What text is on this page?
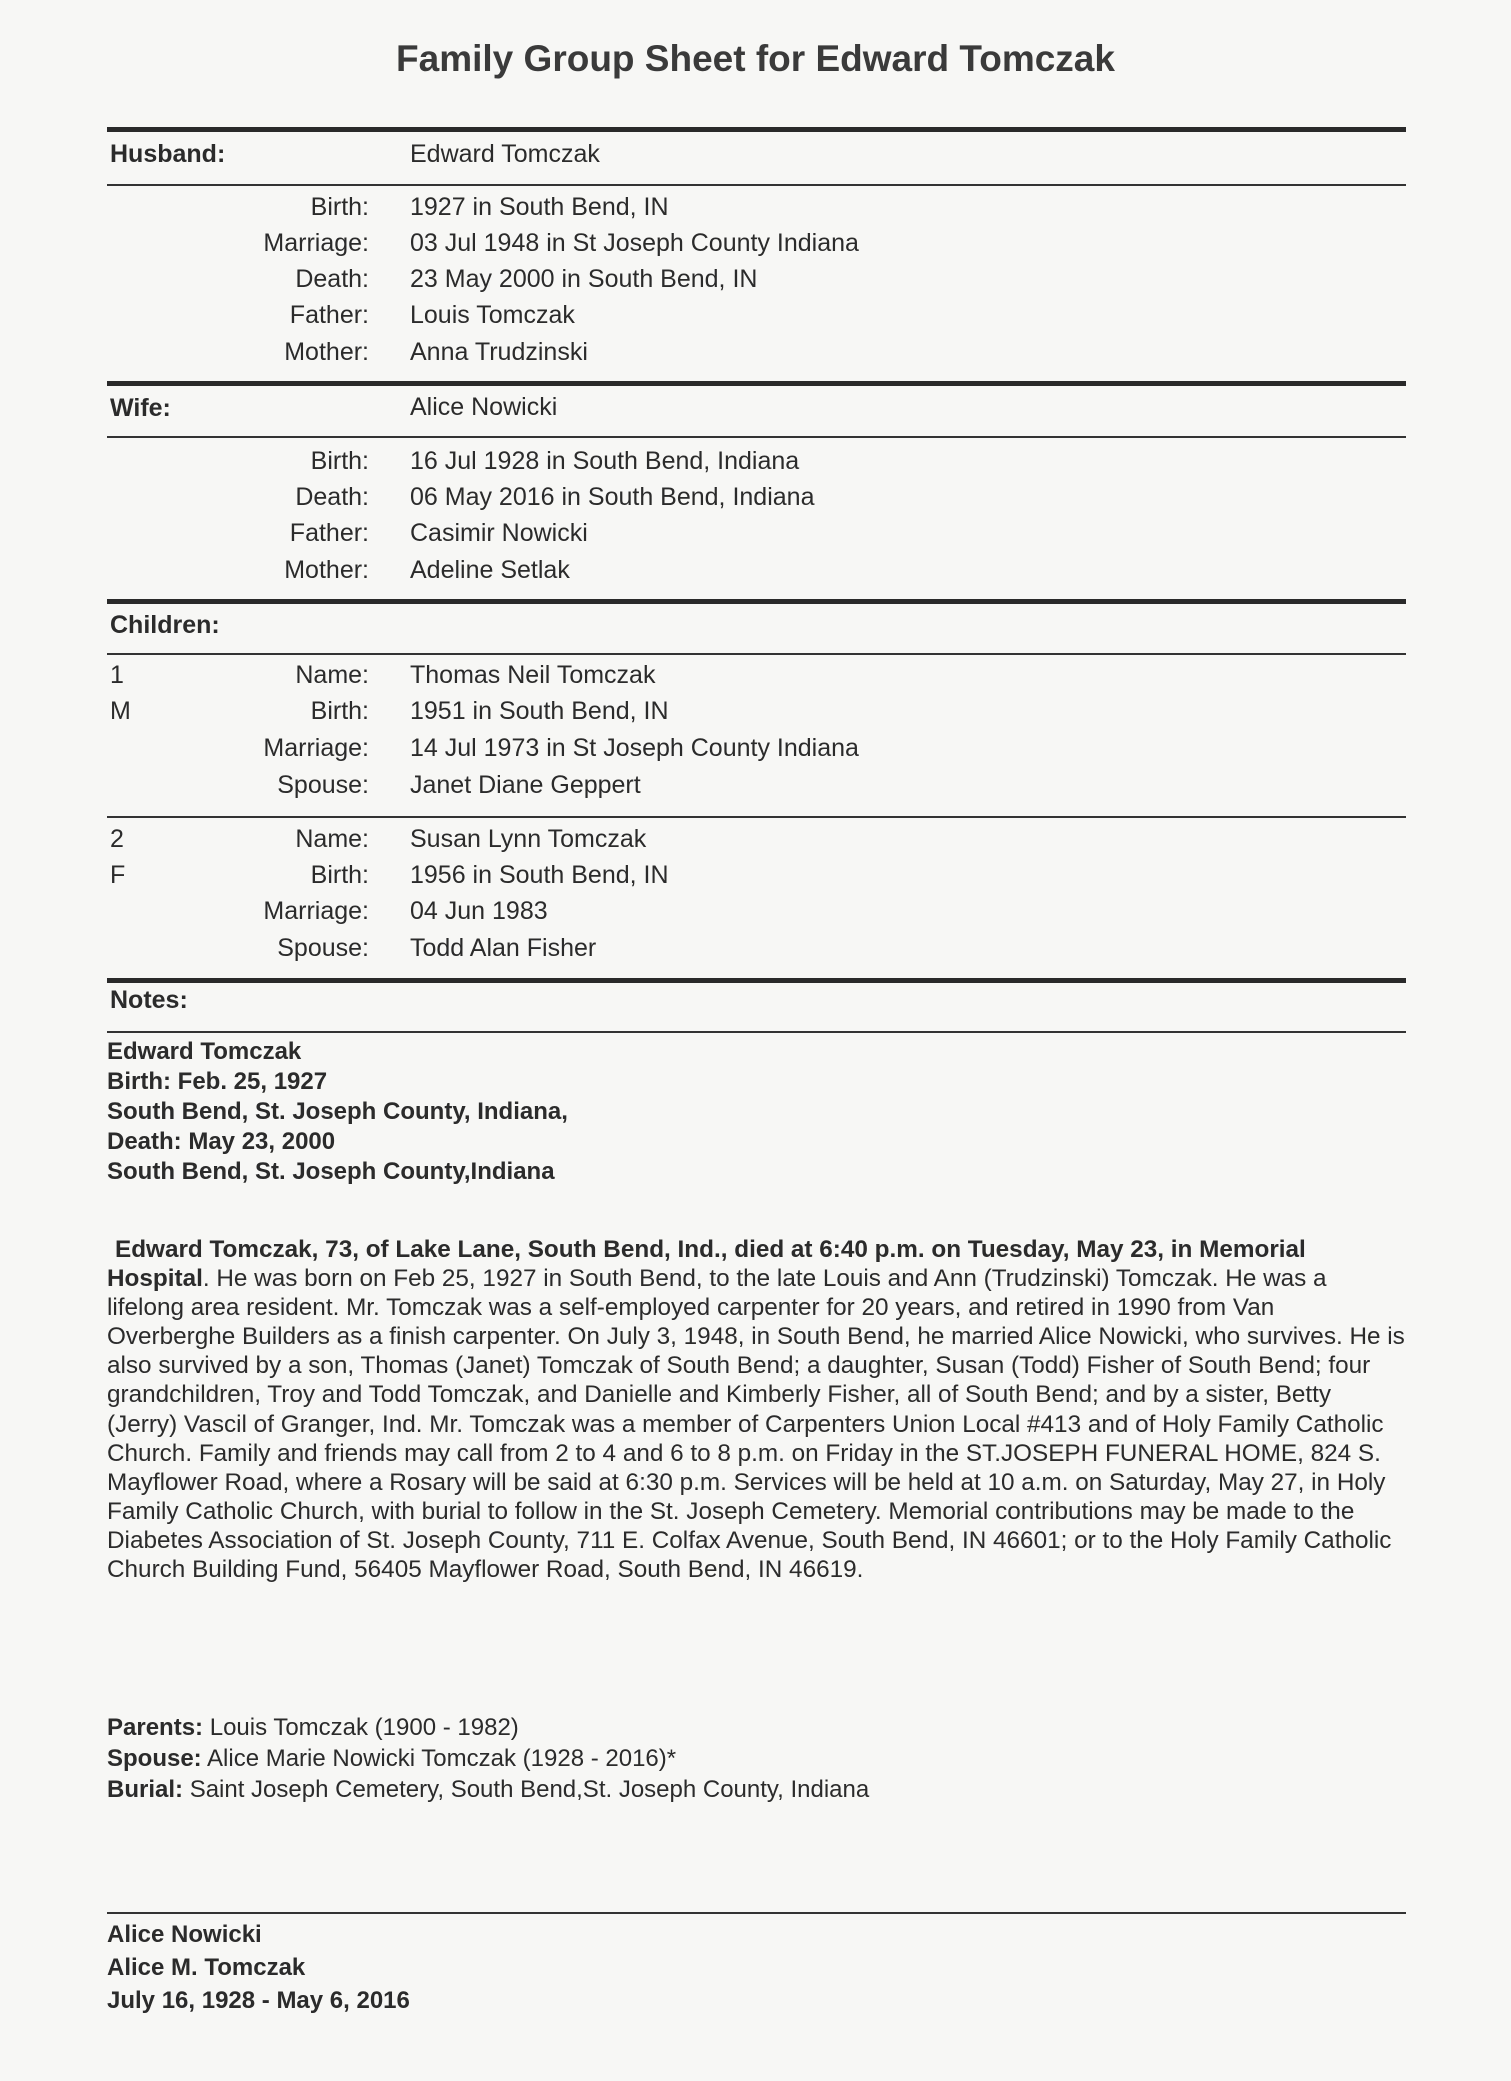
Family Group Sheet for Edward Tomczak
Husband:	Edward Tomczak
Birth: 1927 in South Bend, IN
Marriage: 03 Jul 1948 in St Joseph County Indiana
Death: 23 May 2000 in South Bend, IN
Father: Louis Tomczak
Mother: Anna Trudzinski
Wife:	Alice Nowicki
Birth: 16 Jul 1928 in South Bend, Indiana
Death: 06 May 2016 in South Bend, Indiana
Father: Casimir Nowicki
Mother: Adeline Setlak
Children:
1
M
Name: Thomas Neil Tomczak
Birth: 1951 in South Bend, IN
Marriage: 14 Jul 1973 in St Joseph County Indiana
Spouse: Janet Diane Geppert
2
F
Name: Susan Lynn Tomczak
Birth: 1956 in South Bend, IN
Marriage: 04 Jun 1983
Spouse: Todd Alan Fisher
Notes:
Edward Tomczak
Birth: Feb. 25, 1927
South Bend, St. Joseph County, Indiana,
Death: May 23, 2000
South Bend, St. Joseph County,Indiana
Edward Tomczak, 73, of Lake Lane, South Bend, Ind., died at 6:40 p.m. on Tuesday, May 23, in Memorial Hospital. He was born on Feb 25, 1927 in South Bend, to the late Louis and Ann (Trudzinski) Tomczak. He was a lifelong area resident. Mr. Tomczak was a self-employed carpenter for 20 years, and retired in 1990 from Van Overberghe Builders as a finish carpenter. On July 3, 1948, in South Bend, he married Alice Nowicki, who survives. He is also survived by a son, Thomas (Janet) Tomczak of South Bend; a daughter, Susan (Todd) Fisher of South Bend; four grandchildren, Troy and Todd Tomczak, and Danielle and Kimberly Fisher, all of South Bend; and by a sister, Betty (Jerry) Vascil of Granger, Ind. Mr. Tomczak was a member of Carpenters Union Local #413 and of Holy Family Catholic Church. Family and friends may call from 2 to 4 and 6 to 8 p.m. on Friday in the ST.JOSEPH FUNERAL HOME, 824 S. Mayflower Road, where a Rosary will be said at 6:30 p.m. Services will be held at 10 a.m. on Saturday, May 27, in Holy Family Catholic Church, with burial to follow in the St. Joseph Cemetery. Memorial contributions may be made to the Diabetes Association of St. Joseph County, 711 E. Colfax Avenue, South Bend, IN 46601; or to the Holy Family Catholic Church Building Fund, 56405 Mayflower Road, South Bend, IN 46619.
Parents: Louis Tomczak (1900 - 1982)
Spouse: Alice Marie Nowicki Tomczak (1928 - 2016)*
Burial: Saint Joseph Cemetery, South Bend,St. Joseph County, Indiana
Alice Nowicki
Alice M. Tomczak
July 16, 1928 - May 6, 2016
